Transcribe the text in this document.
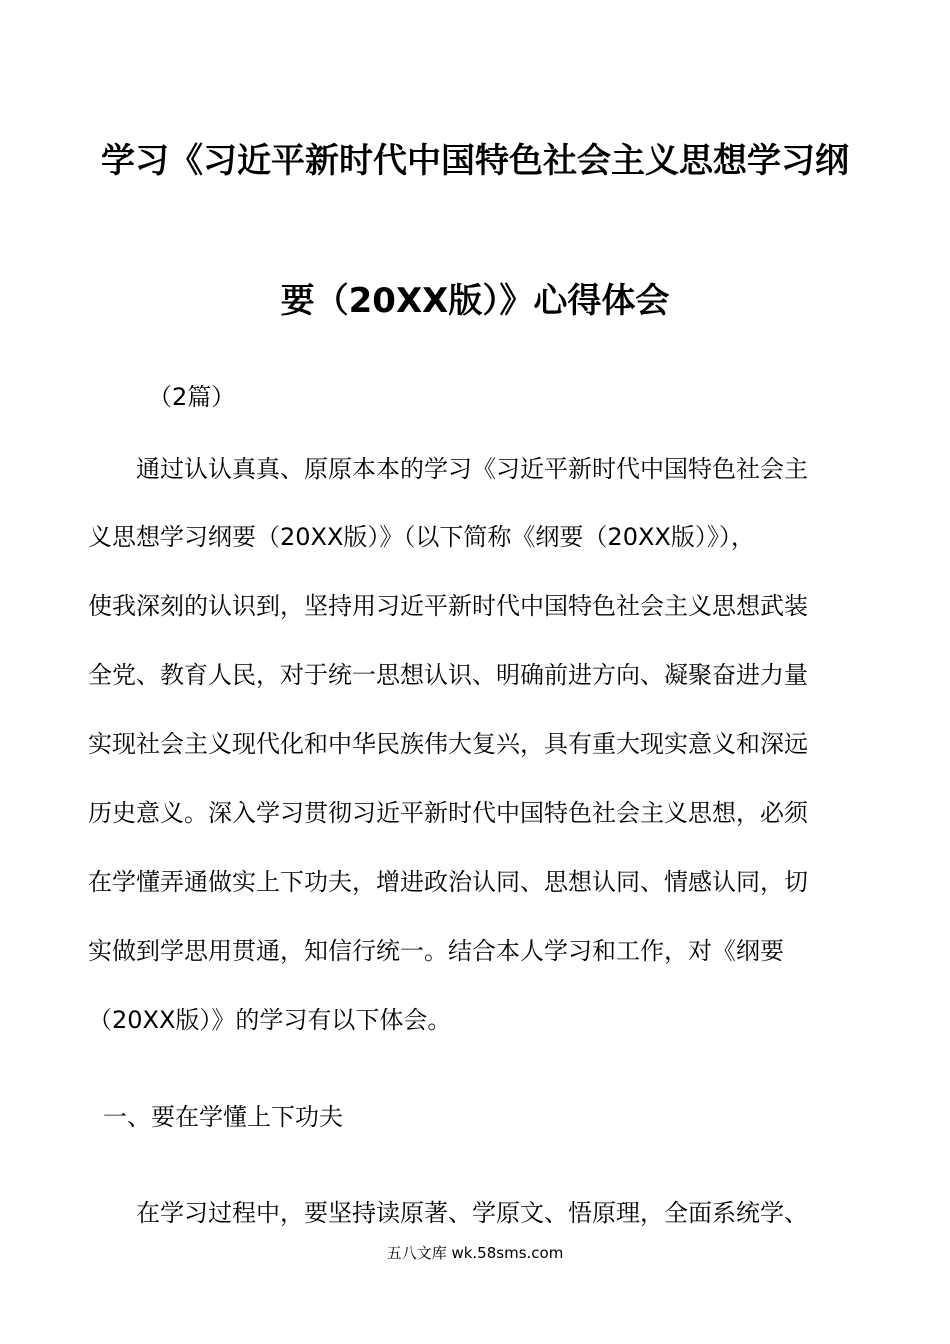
学习《习近平新时代中国特色社会主义思想学习纲
要（20XX版）》心得体会
（2篇）
　　通过认认真真、原原本本的学习《习近平新时代中国特色社会主
义思想学习纲要（20XX版）》（以下简称《纲要（20XX版）》），
使我深刻的认识到，坚持用习近平新时代中国特色社会主义思想武装
全党、教育人民，对于统一思想认识、明确前进方向、凝聚奋进力量
实现社会主义现代化和中华民族伟大复兴，具有重大现实意义和深远
历史意义。深入学习贯彻习近平新时代中国特色社会主义思想，必须
在学懂弄通做实上下功夫，增进政治认同、思想认同、情感认同，切
实做到学思用贯通，知信行统一。结合本人学习和工作，对《纲要
（20XX版）》的学习有以下体会。
一、要在学懂上下功夫
　　在学习过程中，要坚持读原著、学原文、悟原理，全面系统学、
五八文库 wk.58sms.com
